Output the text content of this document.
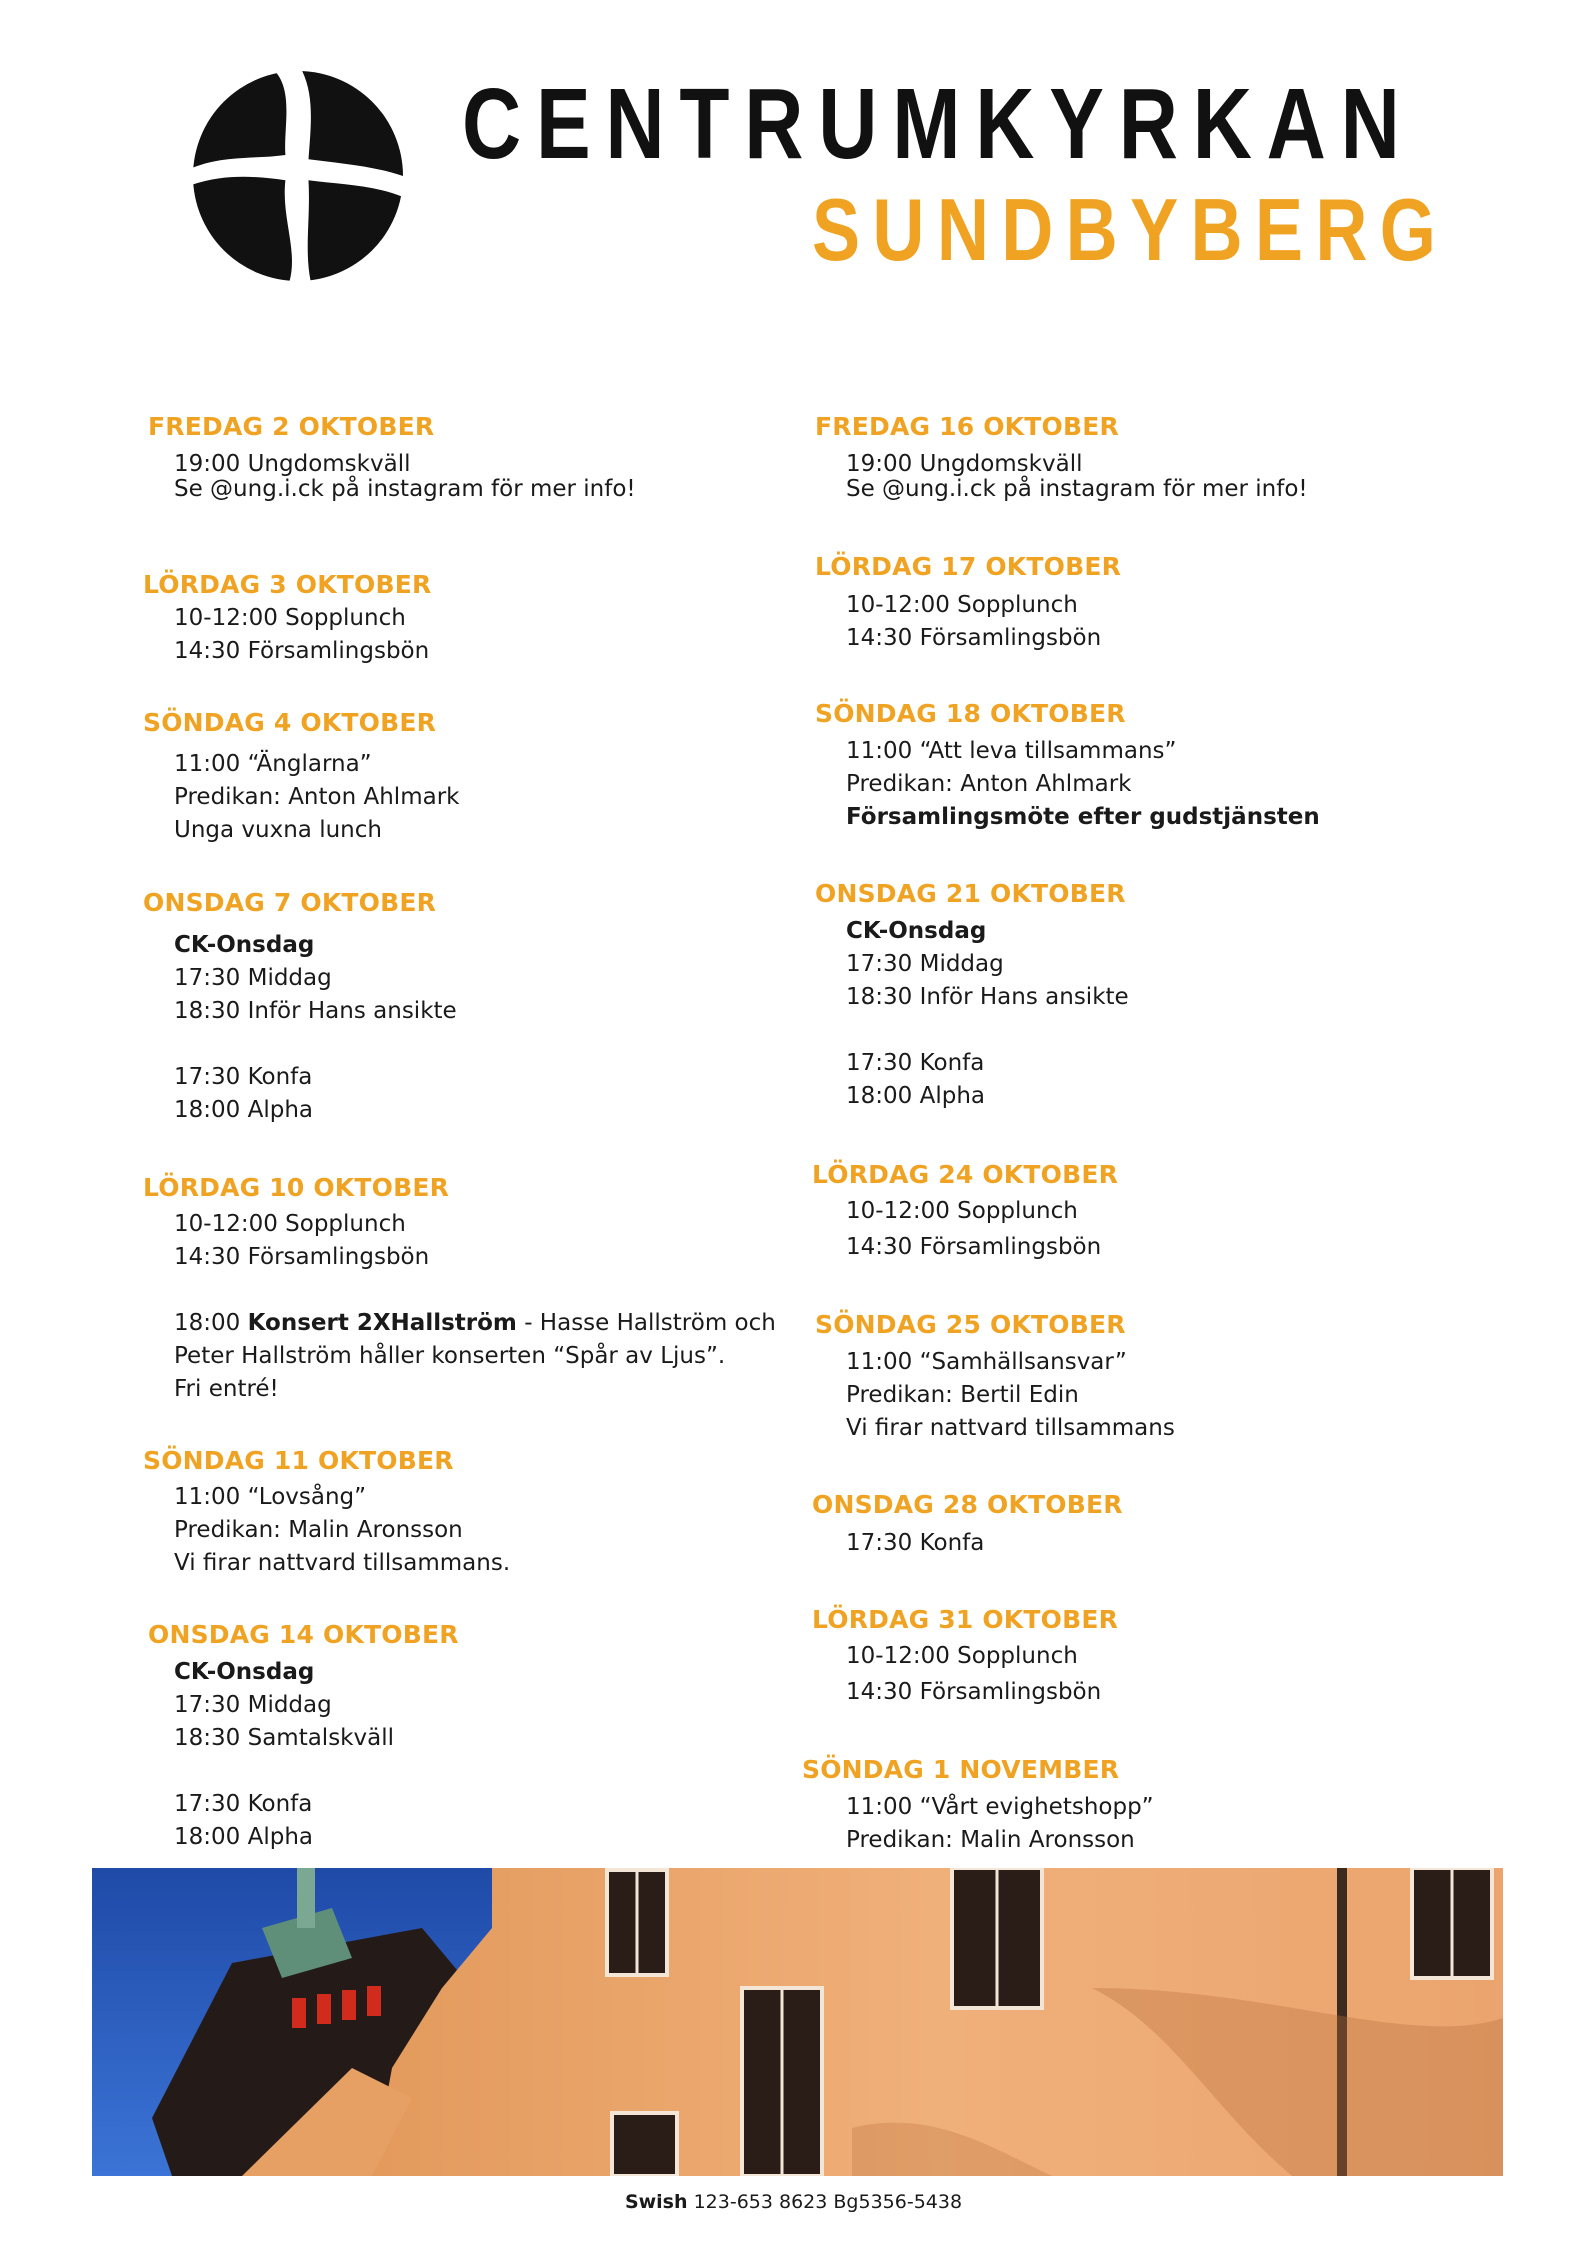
CENTRUMKYRKAN
SUNDBYBERG
FREDAG 2 OKTOBER
19:00 Ungdomskväll
Se @ung.i.ck på instagram för mer info!
LÖRDAG 3 OKTOBER
10-12:00 Sopplunch
14:30 Församlingsbön
SÖNDAG 4 OKTOBER
11:00 “Änglarna”
Predikan: Anton Ahlmark
Unga vuxna lunch
ONSDAG 7 OKTOBER
CK-Onsdag
17:30 Middag
18:30 Inför Hans ansikte
17:30 Konfa
18:00 Alpha
LÖRDAG 10 OKTOBER
10-12:00 Sopplunch
14:30 Församlingsbön
18:00 Konsert 2XHallström - Hasse Hallström och
Peter Hallström håller konserten “Spår av Ljus”.
Fri entré!
SÖNDAG 11 OKTOBER
11:00 “Lovsång”
Predikan: Malin Aronsson
Vi firar nattvard tillsammans.
ONSDAG 14 OKTOBER
CK-Onsdag
17:30 Middag
18:30 Samtalskväll
17:30 Konfa
18:00 Alpha
FREDAG 16 OKTOBER
19:00 Ungdomskväll
Se @ung.i.ck på instagram för mer info!
LÖRDAG 17 OKTOBER
10-12:00 Sopplunch
14:30 Församlingsbön
SÖNDAG 18 OKTOBER
11:00 “Att leva tillsammans”
Predikan: Anton Ahlmark
Församlingsmöte efter gudstjänsten
ONSDAG 21 OKTOBER
CK-Onsdag
17:30 Middag
18:30 Inför Hans ansikte
17:30 Konfa
18:00 Alpha
LÖRDAG 24 OKTOBER
10-12:00 Sopplunch
14:30 Församlingsbön
SÖNDAG 25 OKTOBER
11:00 “Samhällsansvar”
Predikan: Bertil Edin
Vi firar nattvard tillsammans
ONSDAG 28 OKTOBER
17:30 Konfa
LÖRDAG 31 OKTOBER
10-12:00 Sopplunch
14:30 Församlingsbön
SÖNDAG 1 NOVEMBER
11:00 “Vårt evighetshopp”
Predikan: Malin Aronsson
Swish 123-653 8623 Bg5356-5438
